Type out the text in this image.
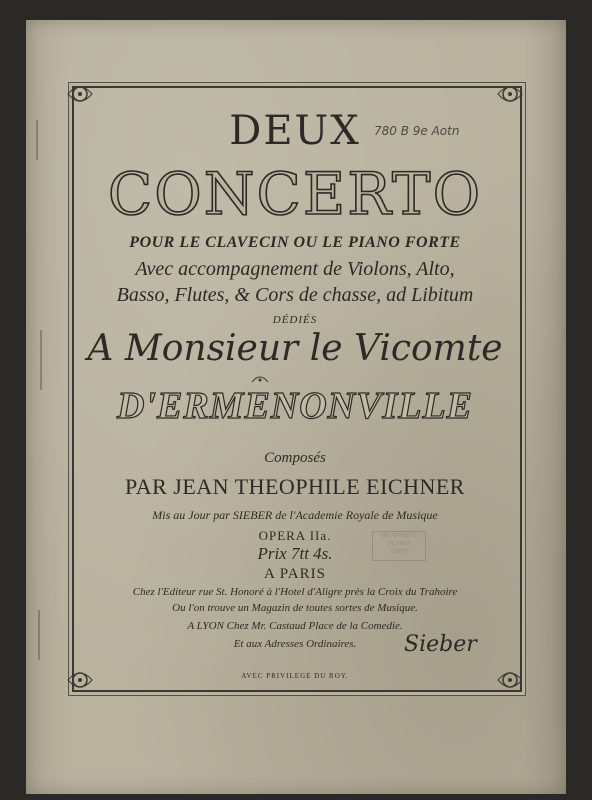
DEUX
CONCERTO
780 B 9e Aotn
POUR LE CLAVECIN OU LE PIANO FORTE
Avec accompagnement de Violons, Alto,
Basso, Flutes, & Cors de chasse, ad Libitum
DÉDIÉS
A Monsieur le Vicomte
D'ERMENONVILLE
Composés
PAR JEAN THEOPHILE EICHNER
Mis au Jour par SIEBER de l'Academie Royale de Musique
OPERA IIa.	BIBLIOTHÈQUE
DE PARIS
DÉPÔT
Prix 7tt 4s.
A PARIS
Chez l'Editeur rue St. Honoré à l'Hotel d'Aligre près la Croix du Trahoire
Ou l'on trouve un Magazin de toutes sortes de Musique.
A LYON Chez Mr. Castaud Place de la Comedie.
Et aux Adresses Ordinaires.	Sieber
AVEC PRIVILEGE DU ROY.
